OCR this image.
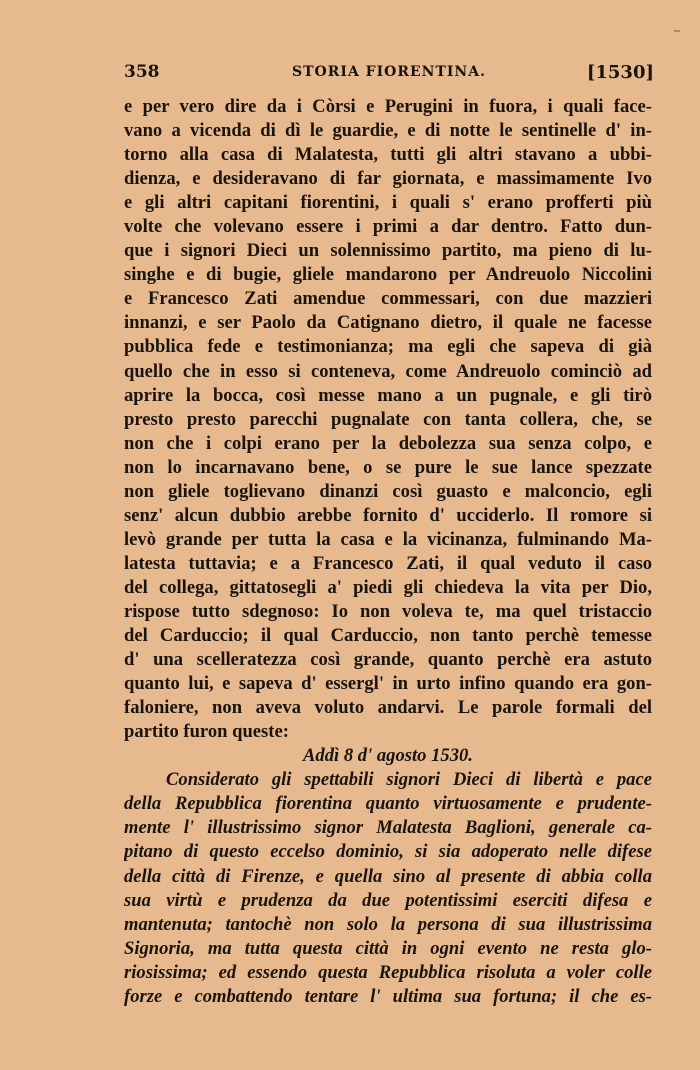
358	STORIA FIORENTINA.	[1530]
e per vero dire da i Còrsi e Perugini in fuora, i quali face-
vano a vicenda di dì le guardie, e di notte le sentinelle d' in-
torno alla casa di Malatesta, tutti gli altri stavano a ubbi-
dienza, e desideravano di far giornata, e massimamente Ivo
e gli altri capitani fiorentini, i quali s' erano profferti più
volte che volevano essere i primi a dar dentro. Fatto dun-
que i signori Dieci un solennissimo partito, ma pieno di lu-
singhe e di bugie, gliele mandarono per Andreuolo Niccolini
e Francesco Zati amendue commessari, con due mazzieri
innanzi, e ser Paolo da Catignano dietro, il quale ne facesse
pubblica fede e testimonianza; ma egli che sapeva di già
quello che in esso si conteneva, come Andreuolo cominciò ad
aprire la bocca, così messe mano a un pugnale, e gli tirò
presto presto parecchi pugnalate con tanta collera, che, se
non che i colpi erano per la debolezza sua senza colpo, e
non lo incarnavano bene, o se pure le sue lance spezzate
non gliele toglievano dinanzi così guasto e malconcio, egli
senz' alcun dubbio arebbe fornito d' ucciderlo. Il romore si
levò grande per tutta la casa e la vicinanza, fulminando Ma-
latesta tuttavia; e a Francesco Zati, il qual veduto il caso
del collega, gittatosegli a' piedi gli chiedeva la vita per Dio,
rispose tutto sdegnoso: Io non voleva te, ma quel tristaccio
del Carduccio; il qual Carduccio, non tanto perchè temesse
d' una scelleratezza così grande, quanto perchè era astuto
quanto lui, e sapeva d' essergl' in urto infino quando era gon-
faloniere, non aveva voluto andarvi. Le parole formali del
partito furon queste:
Addì 8 d' agosto 1530.
Considerato gli spettabili signori Dieci di libertà e pace
della Repubblica fiorentina quanto virtuosamente e prudente-
mente l' illustrissimo signor Malatesta Baglioni, generale ca-
pitano di questo eccelso dominio, si sia adoperato nelle difese
della città di Firenze, e quella sino al presente di abbia colla
sua virtù e prudenza da due potentissimi eserciti difesa e
mantenuta; tantochè non solo la persona di sua illustrissima
Signoria, ma tutta questa città in ogni evento ne resta glo-
riosissima; ed essendo questa Repubblica risoluta a voler colle
forze e combattendo tentare l' ultima sua fortuna; il che es-
